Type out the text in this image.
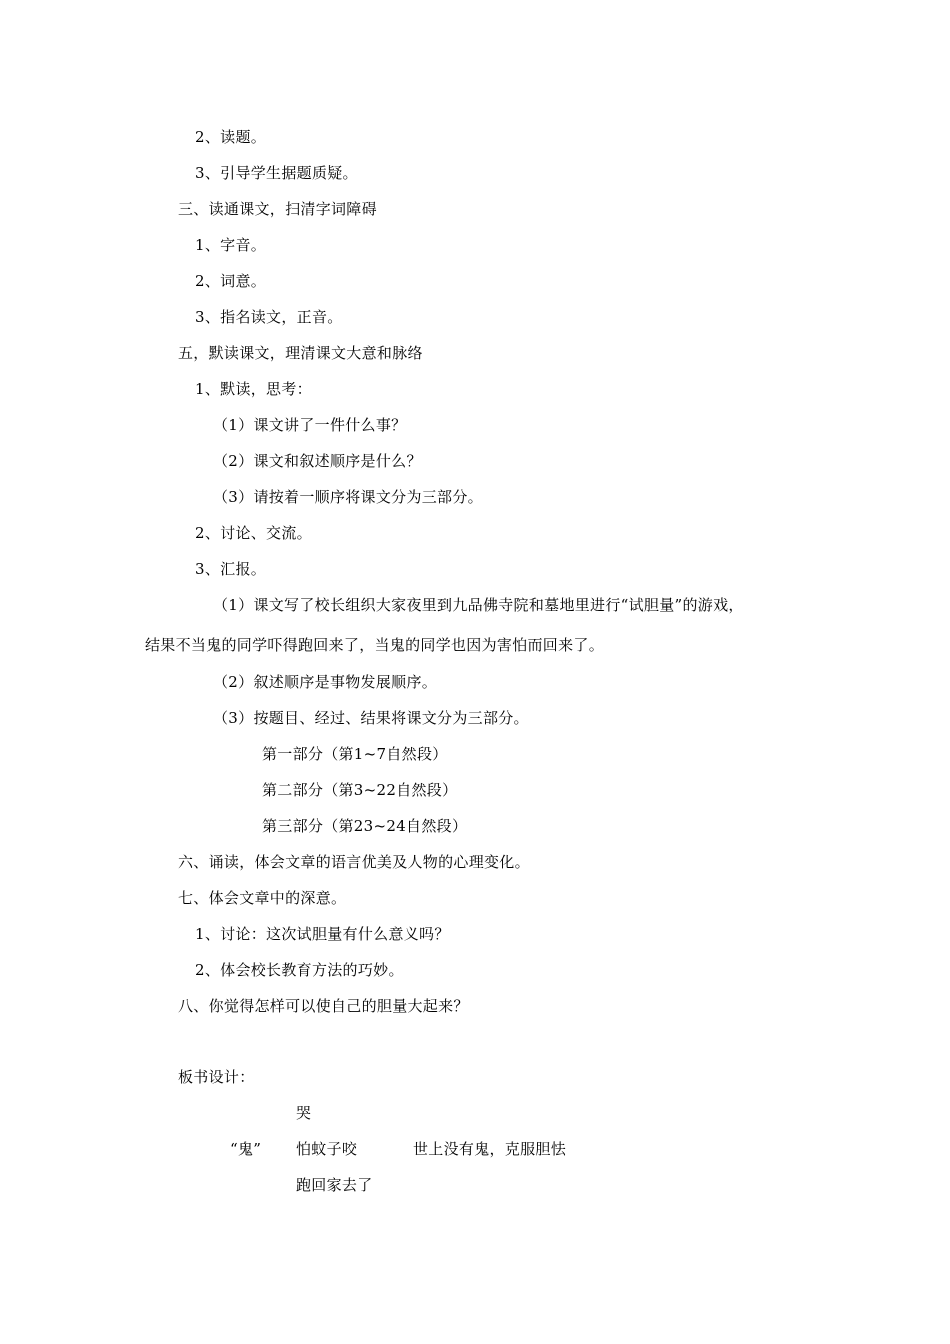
2、读题。
3、引导学生据题质疑。
三、读通课文，扫清字词障碍
1、字音。
2、词意。
3、指名读文，正音。
五，默读课文，理清课文大意和脉络
1、默读，思考：
（1）课文讲了一件什么事？
（2）课文和叙述顺序是什么？
（3）请按着一顺序将课文分为三部分。
2、讨论、交流。
3、汇报。
（1）课文写了校长组织大家夜里到九品佛寺院和墓地里进行“试胆量”的游戏，
结果不当鬼的同学吓得跑回来了，当鬼的同学也因为害怕而回来了。
（2）叙述顺序是事物发展顺序。
（3）按题目、经过、结果将课文分为三部分。
第一部分（第1~7自然段）
第二部分（第3~22自然段）
第三部分（第23~24自然段）
六、诵读，体会文章的语言优美及人物的心理变化。
七、体会文章中的深意。
1、讨论：这次试胆量有什么意义吗？
2、体会校长教育方法的巧妙。
八、你觉得怎样可以使自己的胆量大起来？
板书设计：
哭
“鬼” 怕蚊子咬	世上没有鬼，克服胆怯
跑回家去了
